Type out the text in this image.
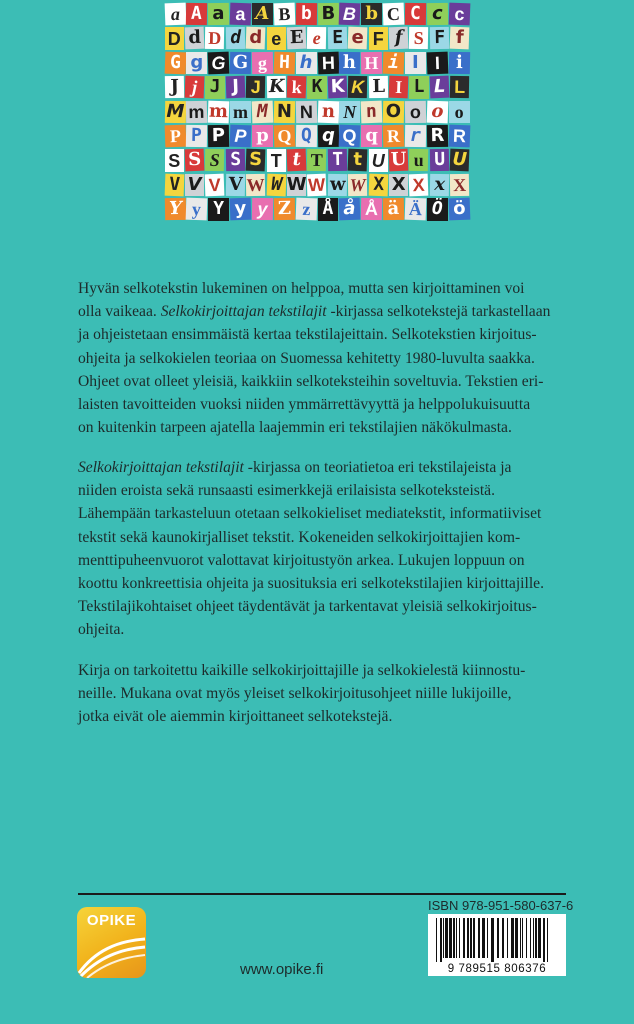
a A a a A B b B B b C C c c
D d D d d e E e E e F f S F f
G g G G g H h H h H i I I i
J j J J J K k K K K L I L L L
M m m m M N N n N n O o o o
P P P P p Q Q q Q q R r R R
S S S S S T t T T t U U u U U
V V V V W W W W w W X X X x X
Y y Y y y Z z Å å Å ä Ä Ö ö

Hyvän selkotekstin lukeminen on helppoa, mutta sen kirjoittaminen voi
olla vaikeaa. Selkokirjoittajan tekstilajit -kirjassa selkotekstejä tarkastellaan
ja ohjeistetaan ensimmäistä kertaa tekstilajeittain. Selkotekstien kirjoitus-
ohjeita ja selkokielen teoriaa on Suomessa kehitetty 1980-luvulta saakka.
Ohjeet ovat olleet yleisiä, kaikkiin selkoteksteihin soveltuvia. Tekstien eri-
laisten tavoitteiden vuoksi niiden ymmärrettävyyttä ja helppolukuisuutta
on kuitenkin tarpeen ajatella laajemmin eri tekstilajien näkökulmasta.

Selkokirjoittajan tekstilajit -kirjassa on teoriatietoa eri tekstilajeista ja
niiden eroista sekä runsaasti esimerkkejä erilaisista selkoteksteistä.
Lähempään tarkasteluun otetaan selkokieliset mediatekstit, informatiiviset
tekstit sekä kaunokirjalliset tekstit. Kokeneiden selkokirjoittajien kom-
menttipuheenvuorot valottavat kirjoitustyön arkea. Lukujen loppuun on
koottu konkreettisia ohjeita ja suosituksia eri selkotekstilajien kirjoittajille.
Tekstilajikohtaiset ohjeet täydentävät ja tarkentavat yleisiä selkokirjoitus-
ohjeita.

Kirja on tarkoitettu kaikille selkokirjoittajille ja selkokielestä kiinnostu-
neille. Mukana ovat myös yleiset selkokirjoitusohjeet niille lukijoille,
jotka eivät ole aiemmin kirjoittaneet selkotekstejä.

OPIKE
www.opike.fi
ISBN 978-951-580-637-6
9 789515 806376
